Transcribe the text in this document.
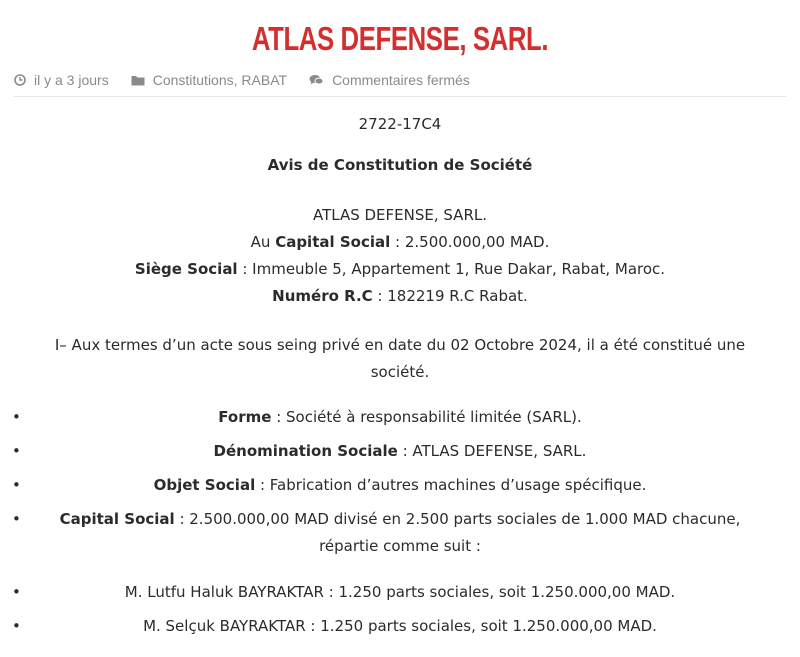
ATLAS DEFENSE, SARL.
il y a 3 jours	Constitutions, RABAT	Commentaires fermés

2722-17C4

Avis de Constitution de Société

ATLAS DEFENSE, SARL.

Au Capital Social : 2.500.000,00 MAD.

Siège Social : Immeuble 5, Appartement 1, Rue Dakar, Rabat, Maroc.

Numéro R.C : 182219 R.C Rabat.

I– Aux termes d’un acte sous seing privé en date du 02 Octobre 2024, il a été constitué une société.

•	Forme : Société à responsabilité limitée (SARL).
•	Dénomination Sociale : ATLAS DEFENSE, SARL.
•	Objet Social : Fabrication d’autres machines d’usage spécifique.
•	Capital Social : 2.500.000,00 MAD divisé en 2.500 parts sociales de 1.000 MAD chacune, répartie comme suit :
•	M. Lutfu Haluk BAYRAKTAR : 1.250 parts sociales, soit 1.250.000,00 MAD.
•	M. Selçuk BAYRAKTAR : 1.250 parts sociales, soit 1.250.000,00 MAD.
